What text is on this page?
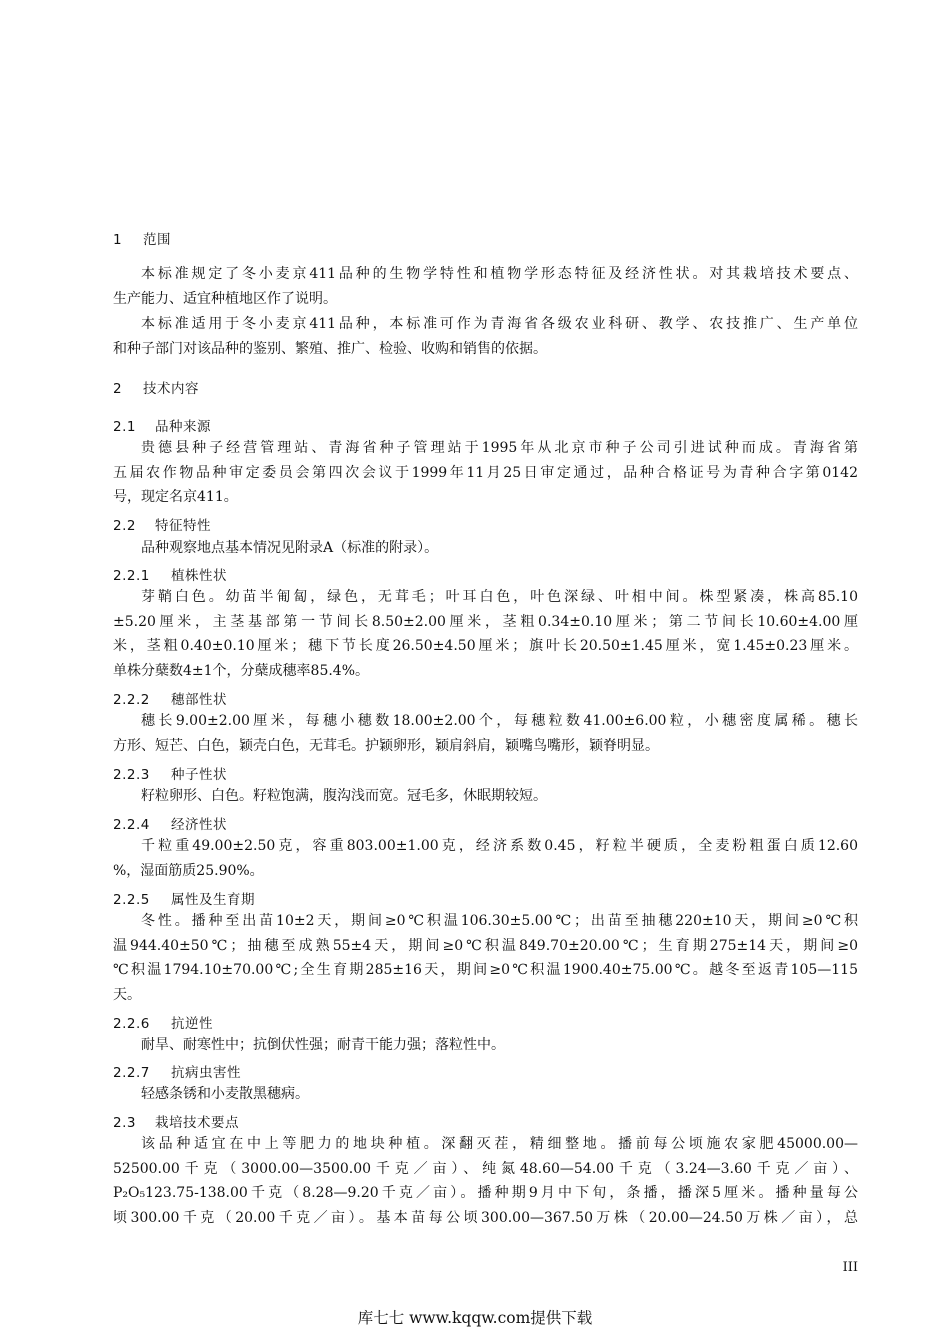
1 范围

本标准规定了冬小麦京411品种的生物学特性和植物学形态特征及经济性状。对其栽培技术要点、

生产能力、适宜种植地区作了说明。

本标准适用于冬小麦京411品种，本标准可作为青海省各级农业科研、教学、农技推广、生产单位

和种子部门对该品种的鉴别、繁殖、推广、检验、收购和销售的依据。

2 技术内容
2.1 品种来源

贵德县种子经营管理站、青海省种子管理站于1995年从北京市种子公司引进试种而成。青海省第

五届农作物品种审定委员会第四次会议于1999年11月25日审定通过，品种合格证号为青种合字第0142

号，现定名京411。

2.2 特征特性

品种观察地点基本情况见附录A（标准的附录）。

2.2.1 植株性状

芽鞘白色。幼苗半匍匐，绿色，无茸毛；叶耳白色，叶色深绿、叶相中间。株型紧凑，株高85.10

±5.20厘米，主茎基部第一节间长8.50±2.00厘米，茎粗0.34±0.10厘米；第二节间长10.60±4.00厘

米，茎粗0.40±0.10厘米；穗下节长度26.50±4.50厘米；旗叶长20.50±1.45厘米，宽1.45±0.23厘米。

单株分蘖数4±1个，分蘖成穗率85.4%。

2.2.2 穗部性状

穗长9.00±2.00厘米，每穗小穗数18.00±2.00个，每穗粒数41.00±6.00粒，小穗密度属稀。穗长

方形、短芒、白色，颖壳白色，无茸毛。护颖卵形，颖肩斜肩，颖嘴鸟嘴形，颖脊明显。

2.2.3 种子性状

籽粒卵形、白色。籽粒饱满，腹沟浅而宽。冠毛多，休眠期较短。

2.2.4 经济性状

千粒重49.00±2.50克，容重803.00±1.00克，经济系数0.45，籽粒半硬质，全麦粉粗蛋白质12.60

%，湿面筋质25.90%。

2.2.5 属性及生育期

冬性。播种至出苗10±2天，期间≥0℃积温106.30±5.00℃；出苗至抽穗220±10天，期间≥0℃积

温944.40±50℃；抽穗至成熟55±4天，期间≥0℃积温849.70±20.00℃；生育期275±14天，期间≥0

℃积温1794.10±70.00℃;全生育期285±16天，期间≥0℃积温1900.40±75.00℃。越冬至返青105—115

天。

2.2.6 抗逆性

耐旱、耐寒性中；抗倒伏性强；耐青干能力强；落粒性中。

2.2.7 抗病虫害性

轻感条锈和小麦散黑穗病。

2.3 栽培技术要点

该品种适宜在中上等肥力的地块种植。深翻灭茬，精细整地。播前每公顷施农家肥45000.00—

52500.00千克（3000.00—3500.00千克／亩）、纯氮48.60—54.00千克（3.24—3.60千克／亩）、

P₂O₅123.75-138.00千克（8.28—9.20千克／亩）。播种期9月中下旬，条播，播深5厘米。播种量每公

顷300.00千克（20.00千克／亩）。基本苗每公顷300.00—367.50万株（20.00—24.50万株／亩），总

III
库七七 www.kqqw.com提供下载
